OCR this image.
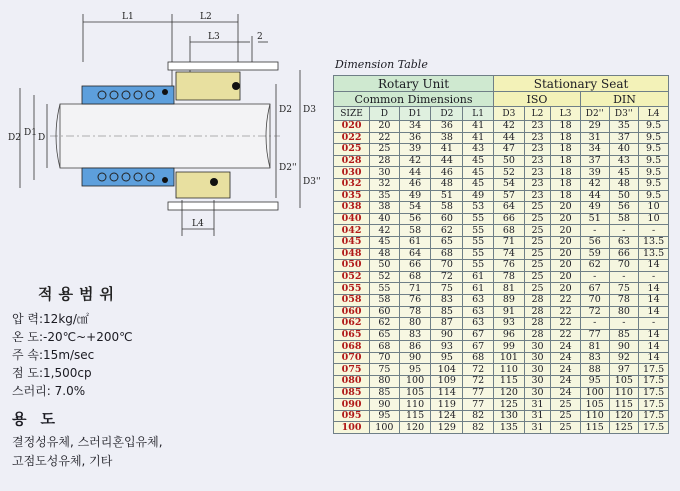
L1	L2
L3	2
D2 D1 D
D2 D3
D2''
D3''
L4
적용범위
압 력:12kg/㎠
온 도:-20℃~+200℃
주 속:15m/sec
점 도:1,500cp
스러리: 7.0%
용도
결정성유체, 스러리혼입유체,
고점도성유체, 기타
Dimension Table
Rotary Unit					Stationary Seat					
Common Dimensions					ISO			DIN		
SIZE	D	D1	D2	L1	D3	L2	L3	D2''	D3''	L4
020	20	34	36	41	42	23	18	29	35	9.5
022	22	36	38	41	44	23	18	31	37	9.5
025	25	39	41	43	47	23	18	34	40	9.5
028	28	42	44	45	50	23	18	37	43	9.5
030	30	44	46	45	52	23	18	39	45	9.5
032	32	46	48	45	54	23	18	42	48	9.5
035	35	49	51	49	57	23	18	44	50	9.5
038	38	54	58	53	64	25	20	49	56	10
040	40	56	60	55	66	25	20	51	58	10
042	42	58	62	55	68	25	20	-	-	-
045	45	61	65	55	71	25	20	56	63	13.5
048	48	64	68	55	74	25	20	59	66	13.5
050	50	66	70	55	76	25	20	62	70	14
052	52	68	72	61	78	25	20	-	-	-
055	55	71	75	61	81	25	20	67	75	14
058	58	76	83	63	89	28	22	70	78	14
060	60	78	85	63	91	28	22	72	80	14
062	62	80	87	63	93	28	22	-	-	-
065	65	83	90	67	96	28	22	77	85	14
068	68	86	93	67	99	30	24	81	90	14
070	70	90	95	68	101	30	24	83	92	14
075	75	95	104	72	110	30	24	88	97	17.5
080	80	100	109	72	115	30	24	95	105	17.5
085	85	105	114	77	120	30	24	100	110	17.5
090	90	110	119	77	125	31	25	105	115	17.5
095	95	115	124	82	130	31	25	110	120	17.5
100	100	120	129	82	135	31	25	115	125	17.5
